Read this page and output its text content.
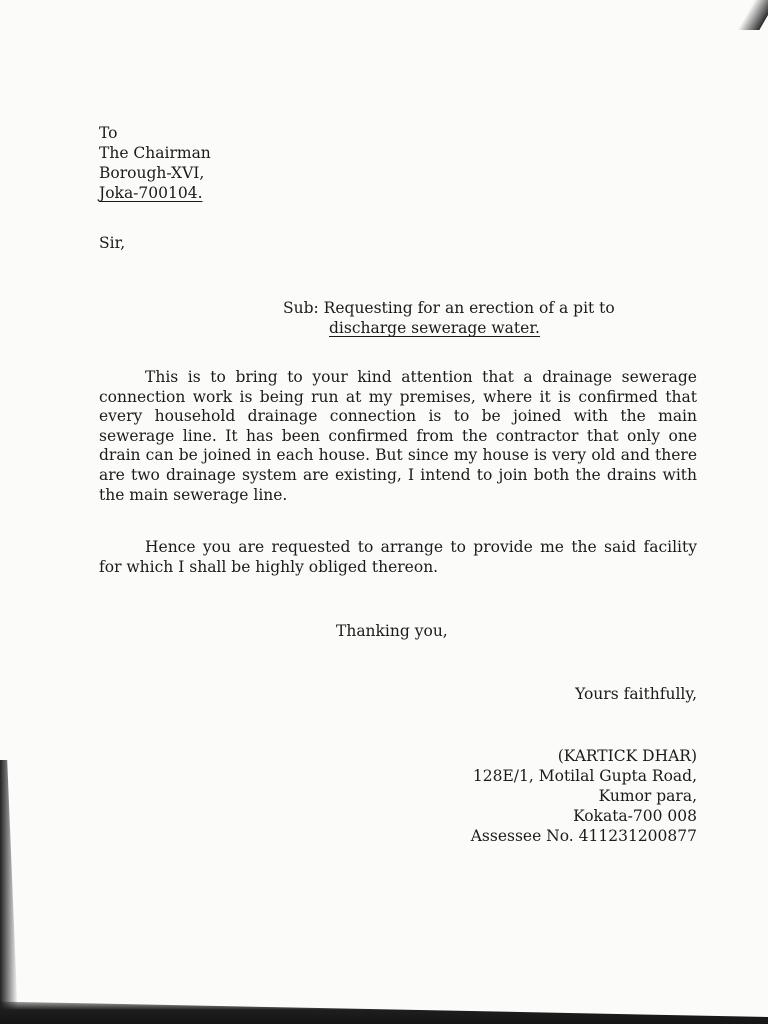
To
The Chairman
Borough-XVI,
Joka-700104.
Sir,
Sub: Requesting for an erection of a pit to
discharge sewerage water.
This is to bring to your kind attention that a drainage sewerage connection work is being run at my premises, where it is confirmed that every household drainage connection is to be joined with the main sewerage line. It has been confirmed from the contractor that only one drain can be joined in each house. But since my house is very old and there are two drainage system are existing, I intend to join both the drains with the main sewerage line.
Hence you are requested to arrange to provide me the said facility for which I shall be highly obliged thereon.
Thanking you,
Yours faithfully,
(KARTICK DHAR)
128E/1, Motilal Gupta Road,
Kumor para,
Kokata-700 008
Assessee No. 411231200877
